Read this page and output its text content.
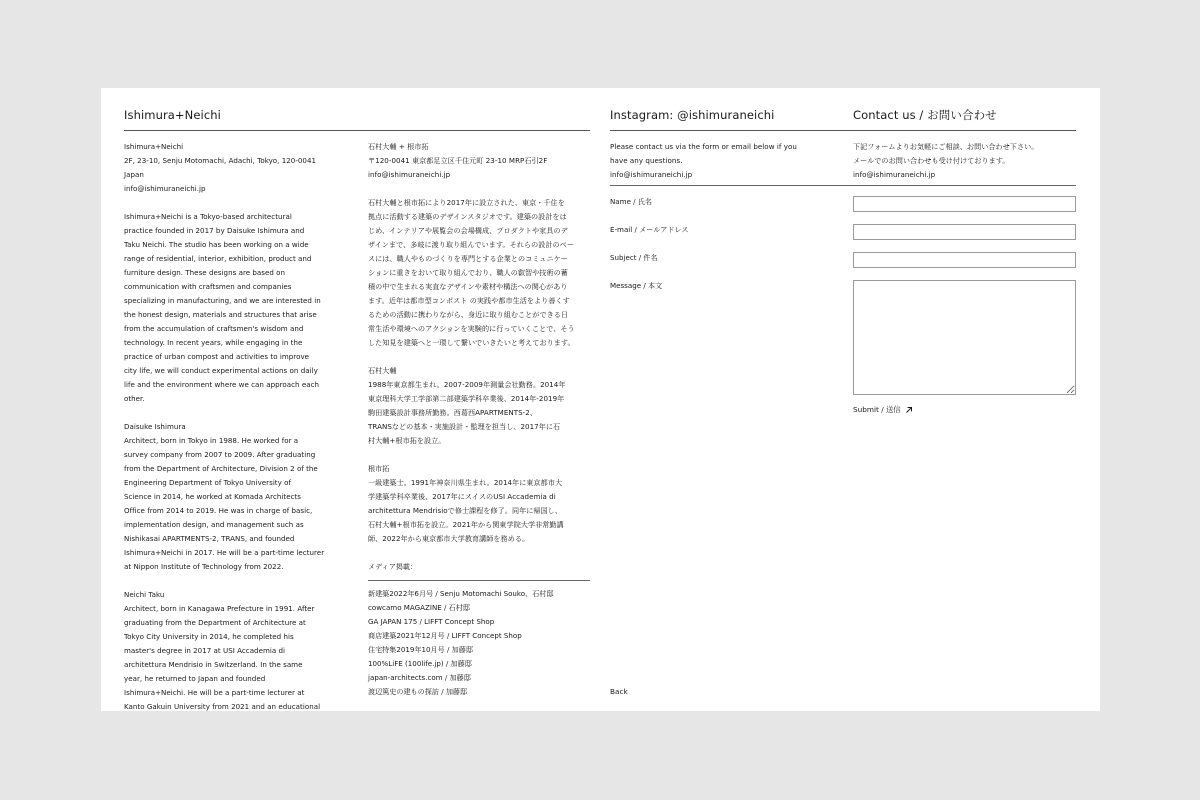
Ishimura+Neichi	Instagram: @ishimuraneichi	Contact us / お問い合わせ
Ishimura+Neichi
2F, 23-10, Senju Motomachi, Adachi, Tokyo, 120-0041
Japan
info@ishimuraneichi.jp
Ishimura+Neichi is a Tokyo-based architectural
practice founded in 2017 by Daisuke Ishimura and
Taku Neichi. The studio has been working on a wide
range of residential, interior, exhibition, product and
furniture design. These designs are based on
communication with craftsmen and companies
specializing in manufacturing, and we are interested in
the honest design, materials and structures that arise
from the accumulation of craftsmen's wisdom and
technology. In recent years, while engaging in the
practice of urban compost and activities to improve
city life, we will conduct experimental actions on daily
life and the environment where we can approach each
other.
Daisuke Ishimura
Architect, born in Tokyo in 1988. He worked for a
survey company from 2007 to 2009. After graduating
from the Department of Architecture, Division 2 of the
Engineering Department of Tokyo University of
Science in 2014, he worked at Komada Architects
Office from 2014 to 2019. He was in charge of basic,
implementation design, and management such as
Nishikasai APARTMENTS-2, TRANS, and founded
Ishimura+Neichi in 2017. He will be a part-time lecturer
at Nippon Institute of Technology from 2022.
Neichi Taku
Architect, born in Kanagawa Prefecture in 1991. After
graduating from the Department of Architecture at
Tokyo City University in 2014, he completed his
master's degree in 2017 at USI Accademia di
architettura Mendrisio in Switzerland. In the same
year, he returned to Japan and founded
Ishimura+Neichi. He will be a part-time lecturer at
Kanto Gakuin University from 2021 and an educational
石村大輔 + 根市拓
〒120-0041 東京都足立区千住元町 23-10 MRP石引2F
info@ishimuraneichi.jp
石村大輔と根市拓により2017年に設立された、東京・千住を
拠点に活動する建築のデザインスタジオです。建築の設計をは
じめ、インテリアや展覧会の会場構成、プロダクトや家具のデ
ザインまで、多岐に渡り取り組んでいます。それらの設計のベー
スには、職人やものづくりを専門とする企業とのコミュニケー
ションに重きをおいて取り組んでおり、職人の叡智や技術の蓄
積の中で生まれる実直なデザインや素材や構法への関心があり
ます。近年は都市型コンポスト の実践や都市生活をより善くす
るための活動に携わりながら、身近に取り組むことができる日
常生活や環境へのアクションを実験的に行っていくことで、そう
した知見を建築へと一環して繋いでいきたいと考えております。
石村大輔
1988年東京都生まれ。2007-2009年測量会社勤務。2014年
東京理科大学工学部第二部建築学科卒業後、2014年-2019年
駒田建築設計事務所勤務。西葛西APARTMENTS-2、
TRANSなどの基本・実施設計・監理を担当し、2017年に石
村大輔+根市拓を設立。
根市拓
一級建築士。1991年神奈川県生まれ。2014年に東京都市大
学建築学科卒業後、2017年にスイスのUSI Accademia di
architettura Mendrisioで修士課程を修了。同年に帰国し、
石村大輔+根市拓を設立。2021年から関東学院大学非常勤講
師、2022年から東京都市大学教育講師を務める。
メディア掲載：
新建築2022年6月号 / Senju Motomachi Souko、石村邸
cowcamo MAGAZINE / 石村邸
GA JAPAN 175 / LIFFT Concept Shop
商店建築2021年12月号 / LIFFT Concept Shop
住宅特集2019年10月号 / 加藤邸
100%LiFE (100life.jp) / 加藤邸
japan-architects.com / 加藤邸
渡辺篤史の建もの探訪 / 加藤邸
Please contact us via the form or email below if you
have any questions.
info@ishimuraneichi.jp
下記フォームよりお気軽にご相談、お問い合わせ下さい。
メールでのお問い合わせも受け付けております。
info@ishimuraneichi.jp
Name / 氏名
E-mail / メールアドレス
Subject / 件名
Message / 本文
Submit / 送信
Back
